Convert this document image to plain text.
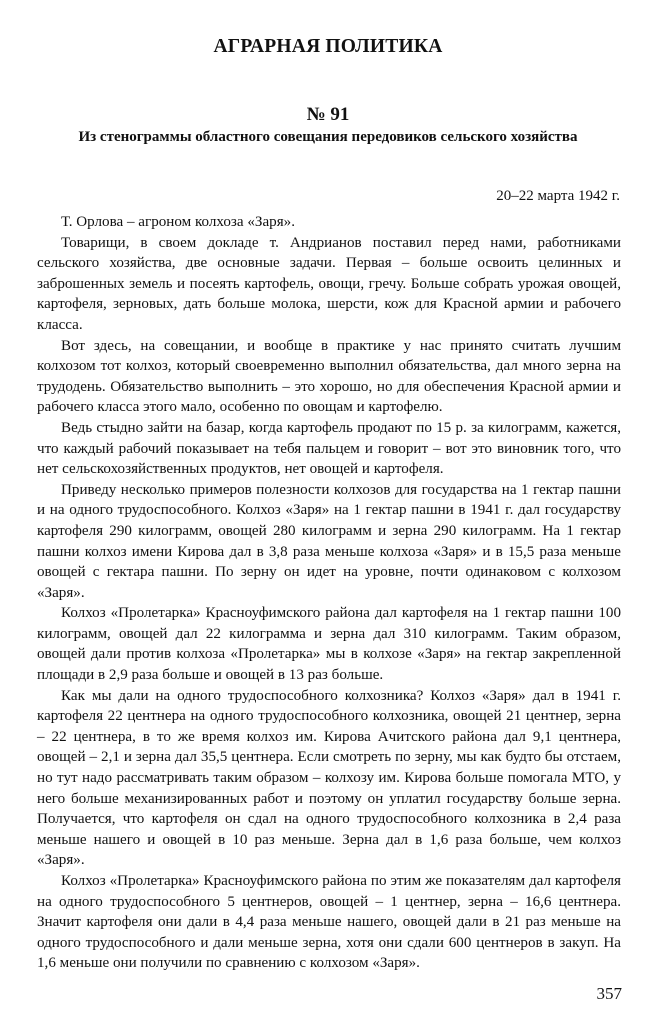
АГРАРНАЯ ПОЛИТИКА
№ 91
Из стенограммы областного совещания передовиков сельского хозяйства
20–22 марта 1942 г.

Т. Орлова – агроном колхоза «Заря».

Товарищи, в своем докладе т. Андрианов поставил перед нами, работниками сельского хозяйства, две основные задачи. Первая – больше освоить целинных и заброшенных земель и посеять картофель, овощи, гречу. Больше собрать урожая овощей, картофеля, зерновых, дать больше молока, шерсти, кож для Красной армии и рабочего класса.

Вот здесь, на совещании, и вообще в практике у нас принято считать лучшим колхозом тот колхоз, который своевременно выполнил обязательства, дал много зерна на трудодень. Обязательство выполнить – это хорошо, но для обеспечения Красной армии и рабочего класса этого мало, особенно по овощам и картофелю.

Ведь стыдно зайти на базар, когда картофель продают по 15 р. за килограмм, кажется, что каждый рабочий показывает на тебя пальцем и говорит – вот это виновник того, что нет сельскохозяйственных продуктов, нет овощей и картофеля.

Приведу несколько примеров полезности колхозов для государства на 1 гектар пашни и на одного трудоспособного. Колхоз «Заря» на 1 гектар пашни в 1941 г. дал государству картофеля 290 килограмм, овощей 280 килограмм и зерна 290 килограмм. На 1 гектар пашни колхоз имени Кирова дал в 3,8 раза меньше колхоза «Заря» и в 15,5 раза меньше овощей с гектара пашни. По зерну он идет на уровне, почти одинаковом с колхозом «Заря».

Колхоз «Пролетарка» Красноуфимского района дал картофеля на 1 гектар пашни 100 килограмм, овощей дал 22 килограмма и зерна дал 310 килограмм. Таким образом, овощей дали против колхоза «Пролетарка» мы в колхозе «Заря» на гектар закрепленной площади в 2,9 раза больше и овощей в 13 раз больше.

Как мы дали на одного трудоспособного колхозника? Колхоз «Заря» дал в 1941 г. картофеля 22 центнера на одного трудоспособного колхозника, овощей 21 центнер, зерна – 22 центнера, в то же время колхоз им. Кирова Ачитского района дал 9,1 центнера, овощей – 2,1 и зерна дал 35,5 центнера. Если смотреть по зерну, мы как будто бы отстаем, но тут надо рассматривать таким образом – колхозу им. Кирова больше помогала МТО, у него больше механизированных работ и поэтому он уплатил государству больше зерна. Получается, что картофеля он сдал на одного трудоспособного колхозника в 2,4 раза меньше нашего и овощей в 10 раз меньше. Зерна дал в 1,6 раза больше, чем колхоз «Заря».

Колхоз «Пролетарка» Красноуфимского района по этим же показателям дал картофеля на одного трудоспособного 5 центнеров, овощей – 1 центнер, зерна – 16,6 центнера. Значит картофеля они дали в 4,4 раза меньше нашего, овощей дали в 21 раз меньше на одного трудоспособного и дали меньше зерна, хотя они сдали 600 центнеров в закуп. На 1,6 меньше они получили по сравнению с колхозом «Заря».

357
